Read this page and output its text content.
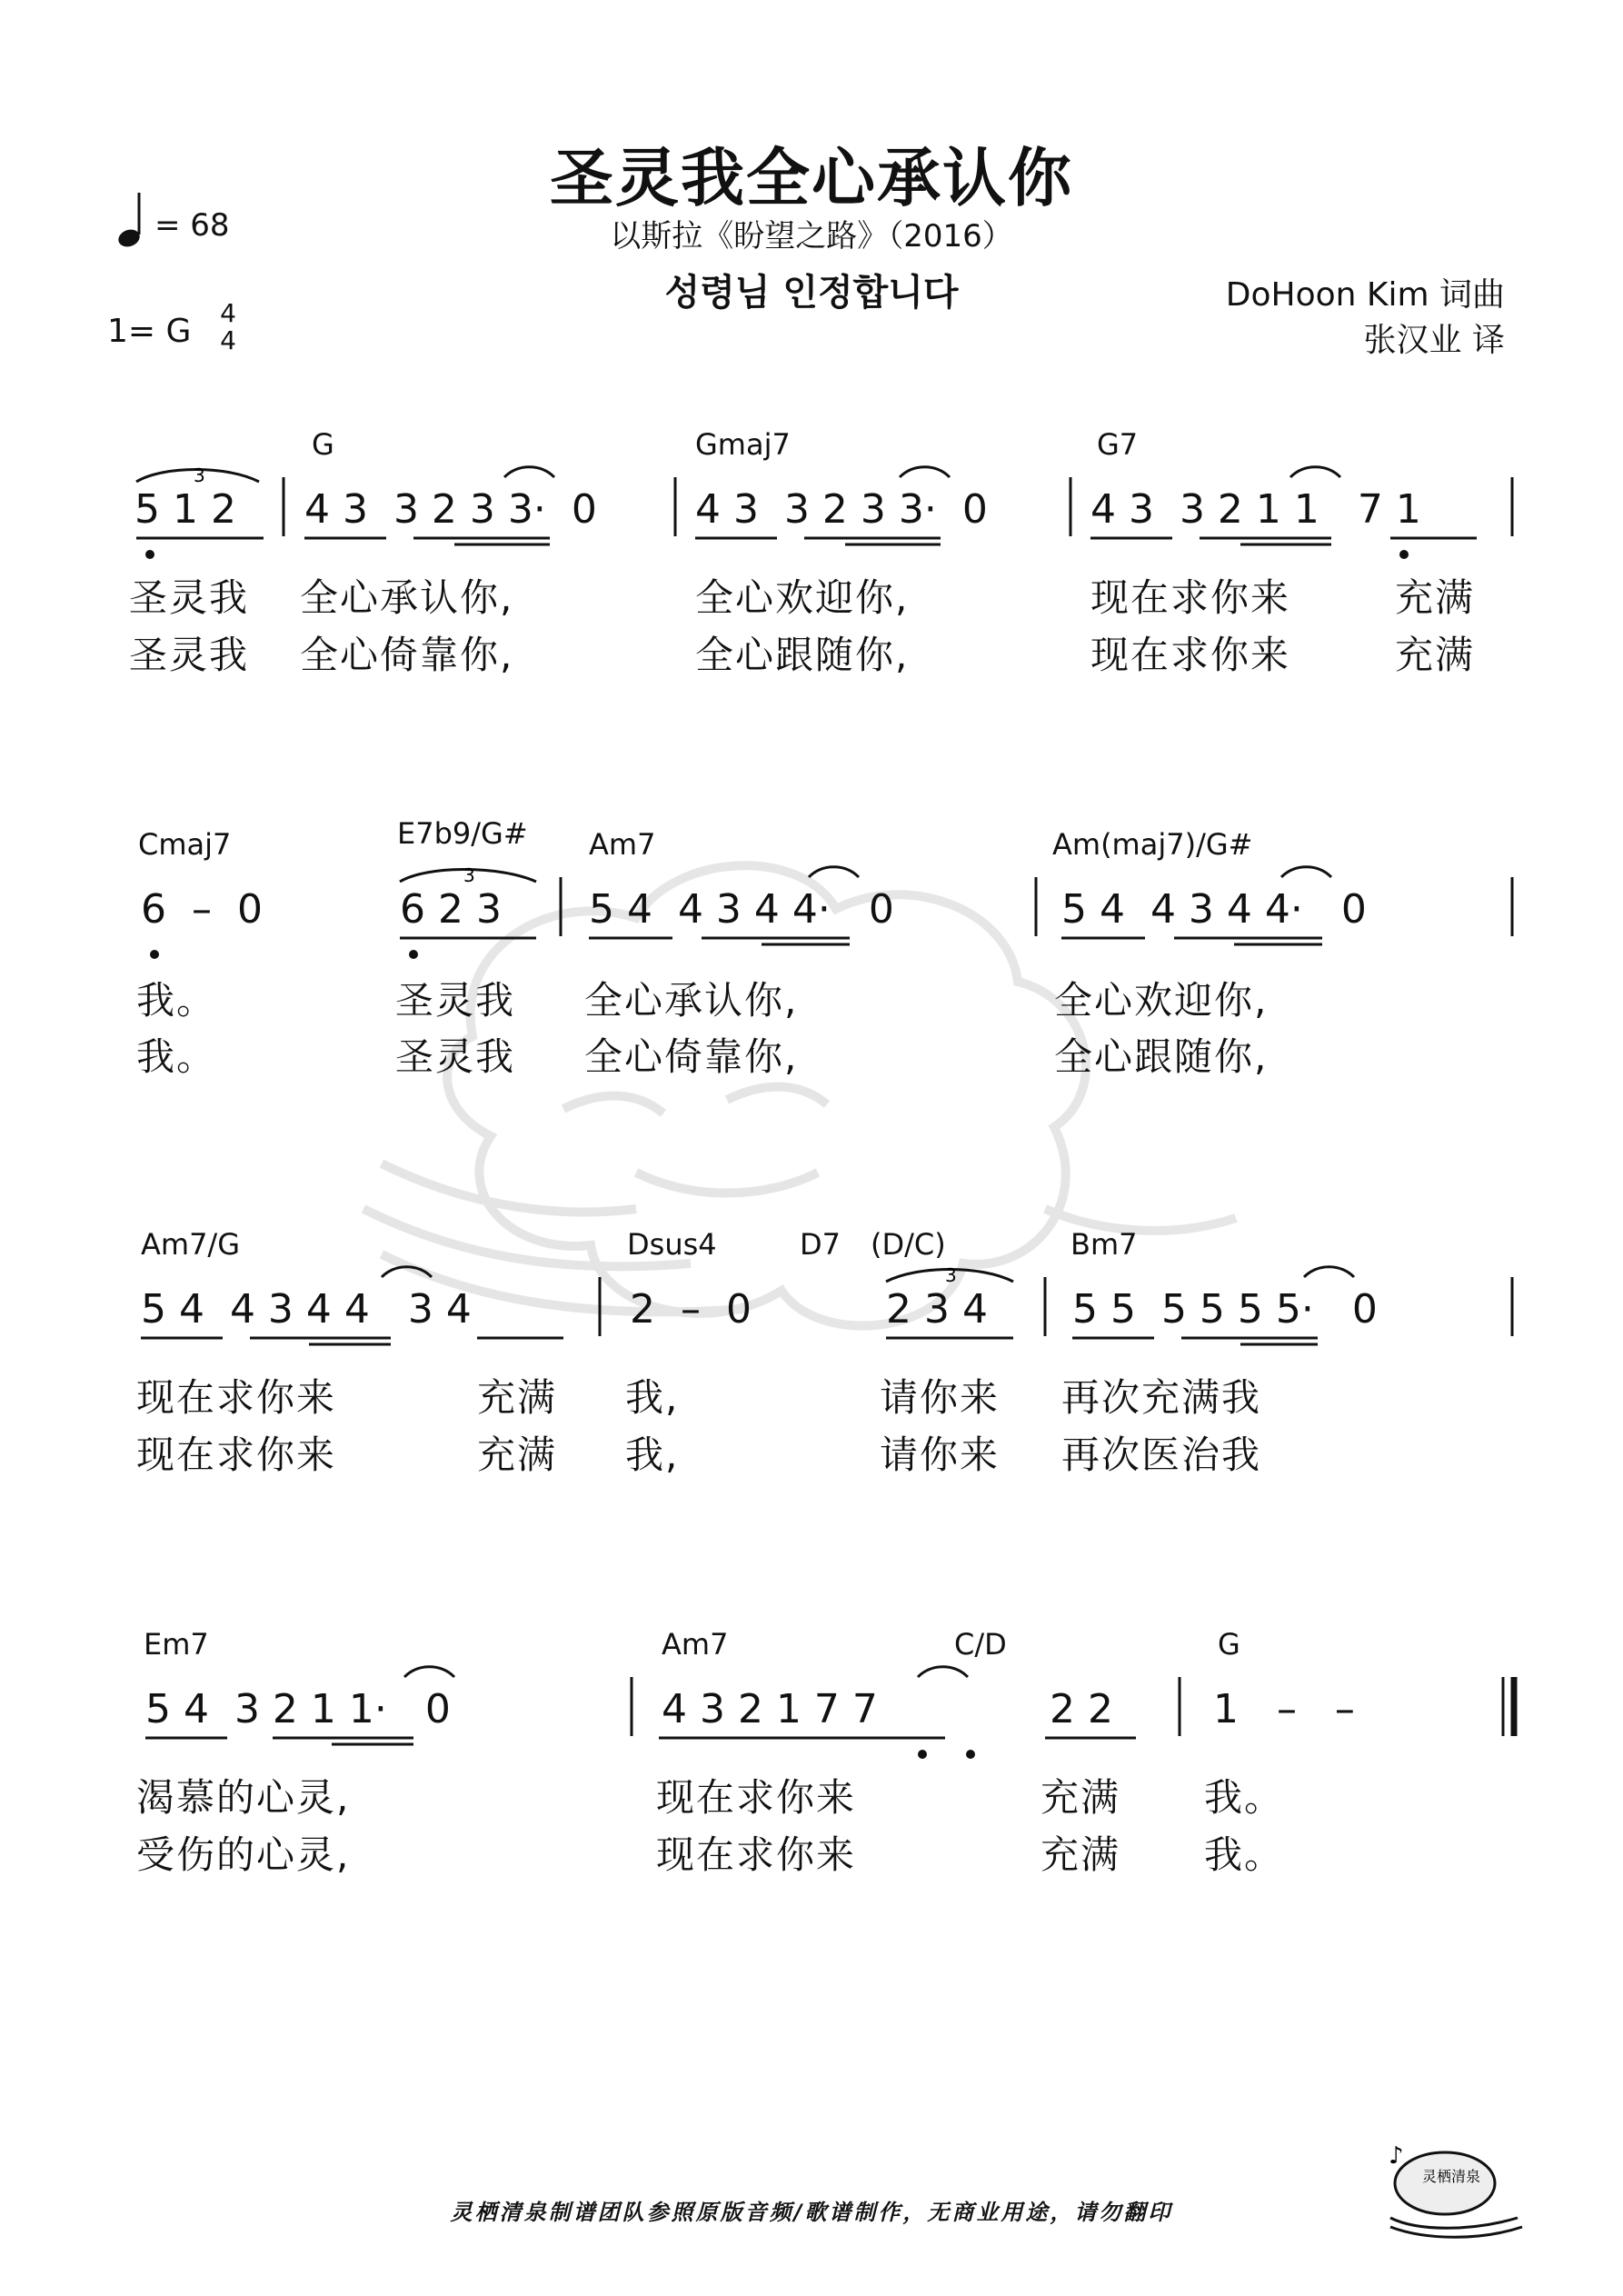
圣灵我全心承认你
以斯拉《盼望之路》（2016）
성령님 인정합니다
3
3
3
♪
灵栖清泉
= 68
1= G 4
4
DoHoon Kim 词曲
张汉业 译
G	Gmaj7	G7
5 1 2 4 3  3 2 3 3·  0 4 3  3 2 3 3·  0	4 3  3 2 1 1   7 1
圣灵我 全心承认你,	全心欢迎你,	现在求你来	充满
圣灵我 全心倚靠你,	全心跟随你,	现在求你来	充满
Cmaj7	E7b9/G# Am7	Am(maj7)/G#
6  –  0	6 2 3 5 4  4 3 4 4·   0	5 4  4 3 4 4·   0
我。	圣灵我 全心承认你,	全心欢迎你,
我。	圣灵我 全心倚靠你,	全心跟随你,
Am7/G	Dsus4	D7 (D/C)	Bm7
5 4  4 3 4 4   3 4	2  –  0	2 3 4 5 5  5 5 5 5·   0
现在求你来	充满 我,	请你来 再次充满我
现在求你来	充满 我,	请你来 再次医治我
Em7	Am7	C/D	G
5 4  3 2 1 1·   0	4 3 2 1 7 7	2 2	1   –   –
渴慕的心灵,	现在求你来	充满 我。
受伤的心灵,	现在求你来	充满 我。
灵栖清泉制谱团队参照原版音频/歌谱制作，无商业用途，请勿翻印
